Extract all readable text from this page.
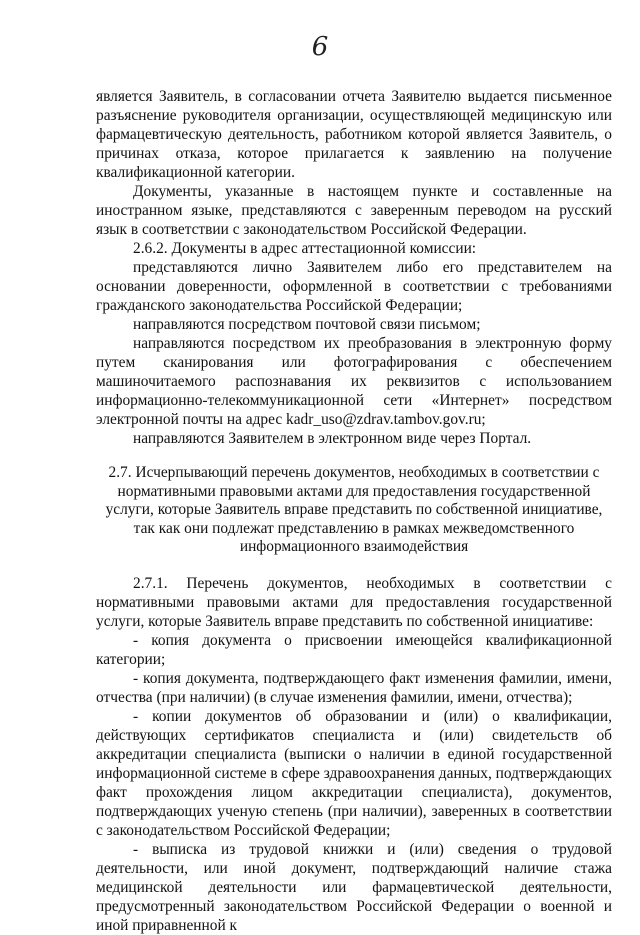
6

является Заявитель, в согласовании отчета Заявителю выдается письменное разъяснение руководителя организации, осуществляющей медицинскую или фармацевтическую деятельность, работником которой является Заявитель, о причинах отказа, которое прилагается к заявлению на получение квалификационной категории.

Документы, указанные в настоящем пункте и составленные на иностранном языке, представляются с заверенным переводом на русский язык в соответствии с законодательством Российской Федерации.

2.6.2. Документы в адрес аттестационной комиссии:

представляются лично Заявителем либо его представителем на основании доверенности, оформленной в соответствии с требованиями гражданского законодательства Российской Федерации;

направляются посредством почтовой связи письмом;

направляются посредством их преобразования в электронную форму путем сканирования или фотографирования с обеспечением машиночитаемого распознавания их реквизитов с использованием информационно-телекоммуникационной сети «Интернет» посредством электронной почты на адрес kadr_uso@zdrav.tambov.gov.ru;

направляются Заявителем в электронном виде через Портал.

2.7. Исчерпывающий перечень документов, необходимых в соответствии с нормативными правовыми актами для предоставления государственной услуги, которые Заявитель вправе представить по собственной инициативе, так как они подлежат представлению в рамках межведомственного информационного взаимодействия

2.7.1. Перечень документов, необходимых в соответствии с нормативными правовыми актами для предоставления государственной услуги, которые Заявитель вправе представить по собственной инициативе:

- копия документа о присвоении имеющейся квалификационной категории;

- копия документа, подтверждающего факт изменения фамилии, имени, отчества (при наличии) (в случае изменения фамилии, имени, отчества);

- копии документов об образовании и (или) о квалификации, действующих сертификатов специалиста и (или) свидетельств об аккредитации специалиста (выписки о наличии в единой государственной информационной системе в сфере здравоохранения данных, подтверждающих факт прохождения лицом аккредитации специалиста), документов, подтверждающих ученую степень (при наличии), заверенных в соответствии с законодательством Российской Федерации;

- выписка из трудовой книжки и (или) сведения о трудовой деятельности, или иной документ, подтверждающий наличие стажа медицинской деятельности или фармацевтической деятельности, предусмотренный законодательством Российской Федерации о военной и иной приравненной к
